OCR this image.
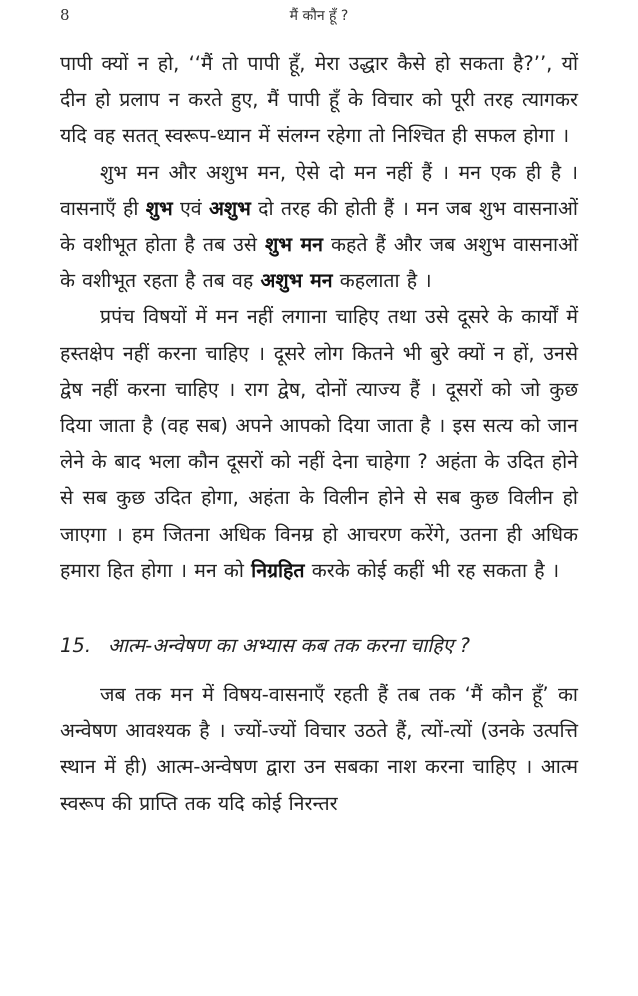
8	मैं कौन हूँ ?

पापी क्यों न हो, ‘‘मैं तो पापी हूँ, मेरा उद्धार कैसे हो सकता है?’’, यों दीन हो प्रलाप न करते हुए, मैं पापी हूँ के विचार को पूरी तरह त्यागकर यदि वह सतत् स्वरूप-ध्यान में संलग्न रहेगा तो निश्चित ही सफल होगा ।

शुभ मन और अशुभ मन, ऐसे दो मन नहीं हैं । मन एक ही है । वासनाएँ ही शुभ एवं अशुभ दो तरह की होती हैं । मन जब शुभ वासनाओं के वशीभूत होता है तब उसे शुभ मन कहते हैं और जब अशुभ वासनाओं के वशीभूत रहता है तब वह अशुभ मन कहलाता है ।

प्रपंच विषयों में मन नहीं लगाना चाहिए तथा उसे दूसरे के कार्यों में हस्तक्षेप नहीं करना चाहिए । दूसरे लोग कितने भी बुरे क्यों न हों, उनसे द्वेष नहीं करना चाहिए । राग द्वेष, दोनों त्याज्य हैं । दूसरों को जो कुछ दिया जाता है (वह सब) अपने आपको दिया जाता है । इस सत्य को जान लेने के बाद भला कौन दूसरों को नहीं देना चाहेगा ? अहंता के उदित होने से सब कुछ उदित होगा, अहंता के विलीन होने से सब कुछ विलीन हो जाएगा । हम जितना अधिक विनम्र हो आचरण करेंगे, उतना ही अधिक हमारा हित होगा । मन को निग्रहित करके कोई कहीं भी रह सकता है ।

15. आत्म-अन्वेषण का अभ्यास कब तक करना चाहिए ?

जब तक मन में विषय-वासनाएँ रहती हैं तब तक ‘मैं कौन हूँ’ का अन्वेषण आवश्यक है । ज्यों-ज्यों विचार उठते हैं, त्यों-त्यों (उनके उत्पत्ति स्थान में ही) आत्म-अन्वेषण द्वारा उन सबका नाश करना चाहिए । आत्म स्वरूप की प्राप्ति तक यदि कोई निरन्तर
